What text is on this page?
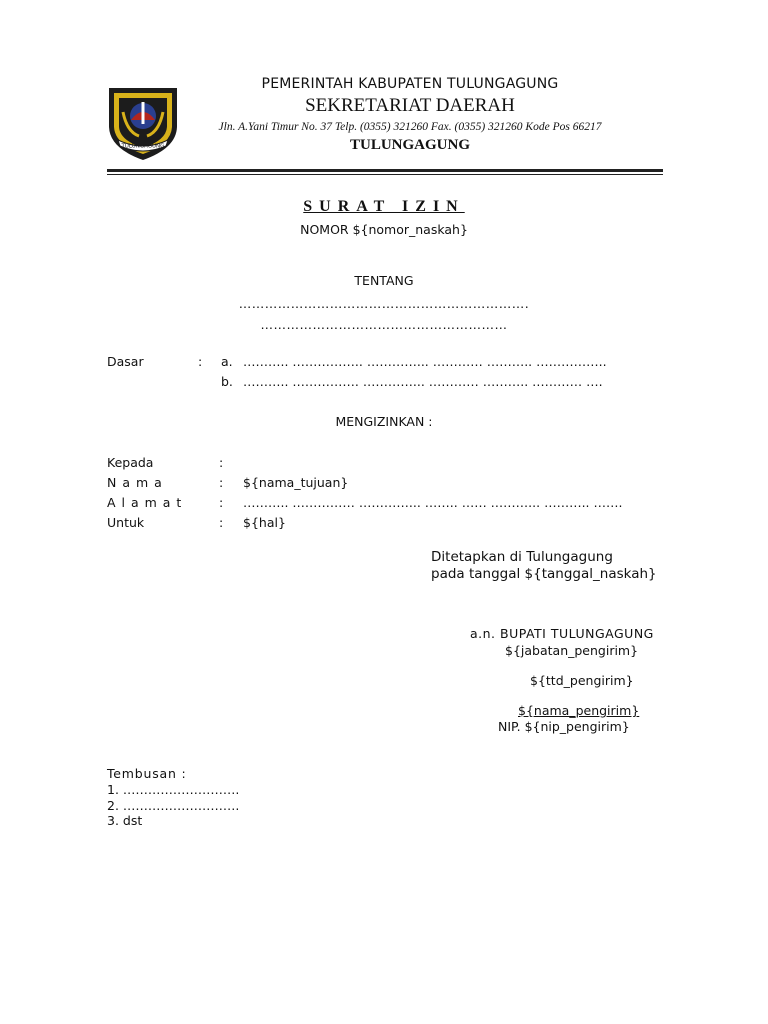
TULUNGAGUNG
PEMERINTAH KABUPATEN TULUNGAGUNG
SEKRETARIAT DAERAH
Jln. A.Yani Timur No. 37 Telp. (0355) 321260 Fax. (0355) 321260 Kode Pos 66217
TULUNGAGUNG
SURAT IZIN
NOMOR ${nomor_naskah}
TENTANG
………………………………………………………….
…………………………………………………
Dasar	: a. ……….. …………….. …………... ………… ……….. ……………..
b. ……….. ……………. …………... ………… ……….. ………… ….
MENGIZINKAN :
Kepada	:
N a m a	: ${nama_tujuan}
A l a m a t	: ……….. …………… …………... …….. …… ………... ……….. …….
Untuk	: ${hal}
Ditetapkan di Tulungagung
pada tanggal ${tanggal_naskah}
a.n. BUPATI TULUNGAGUNG
${jabatan_pengirim}
${ttd_pengirim}
${nama_pengirim}
NIP. ${nip_pengirim}
Tembusan :
1. ……………………….
2. ……………………….
3. dst
